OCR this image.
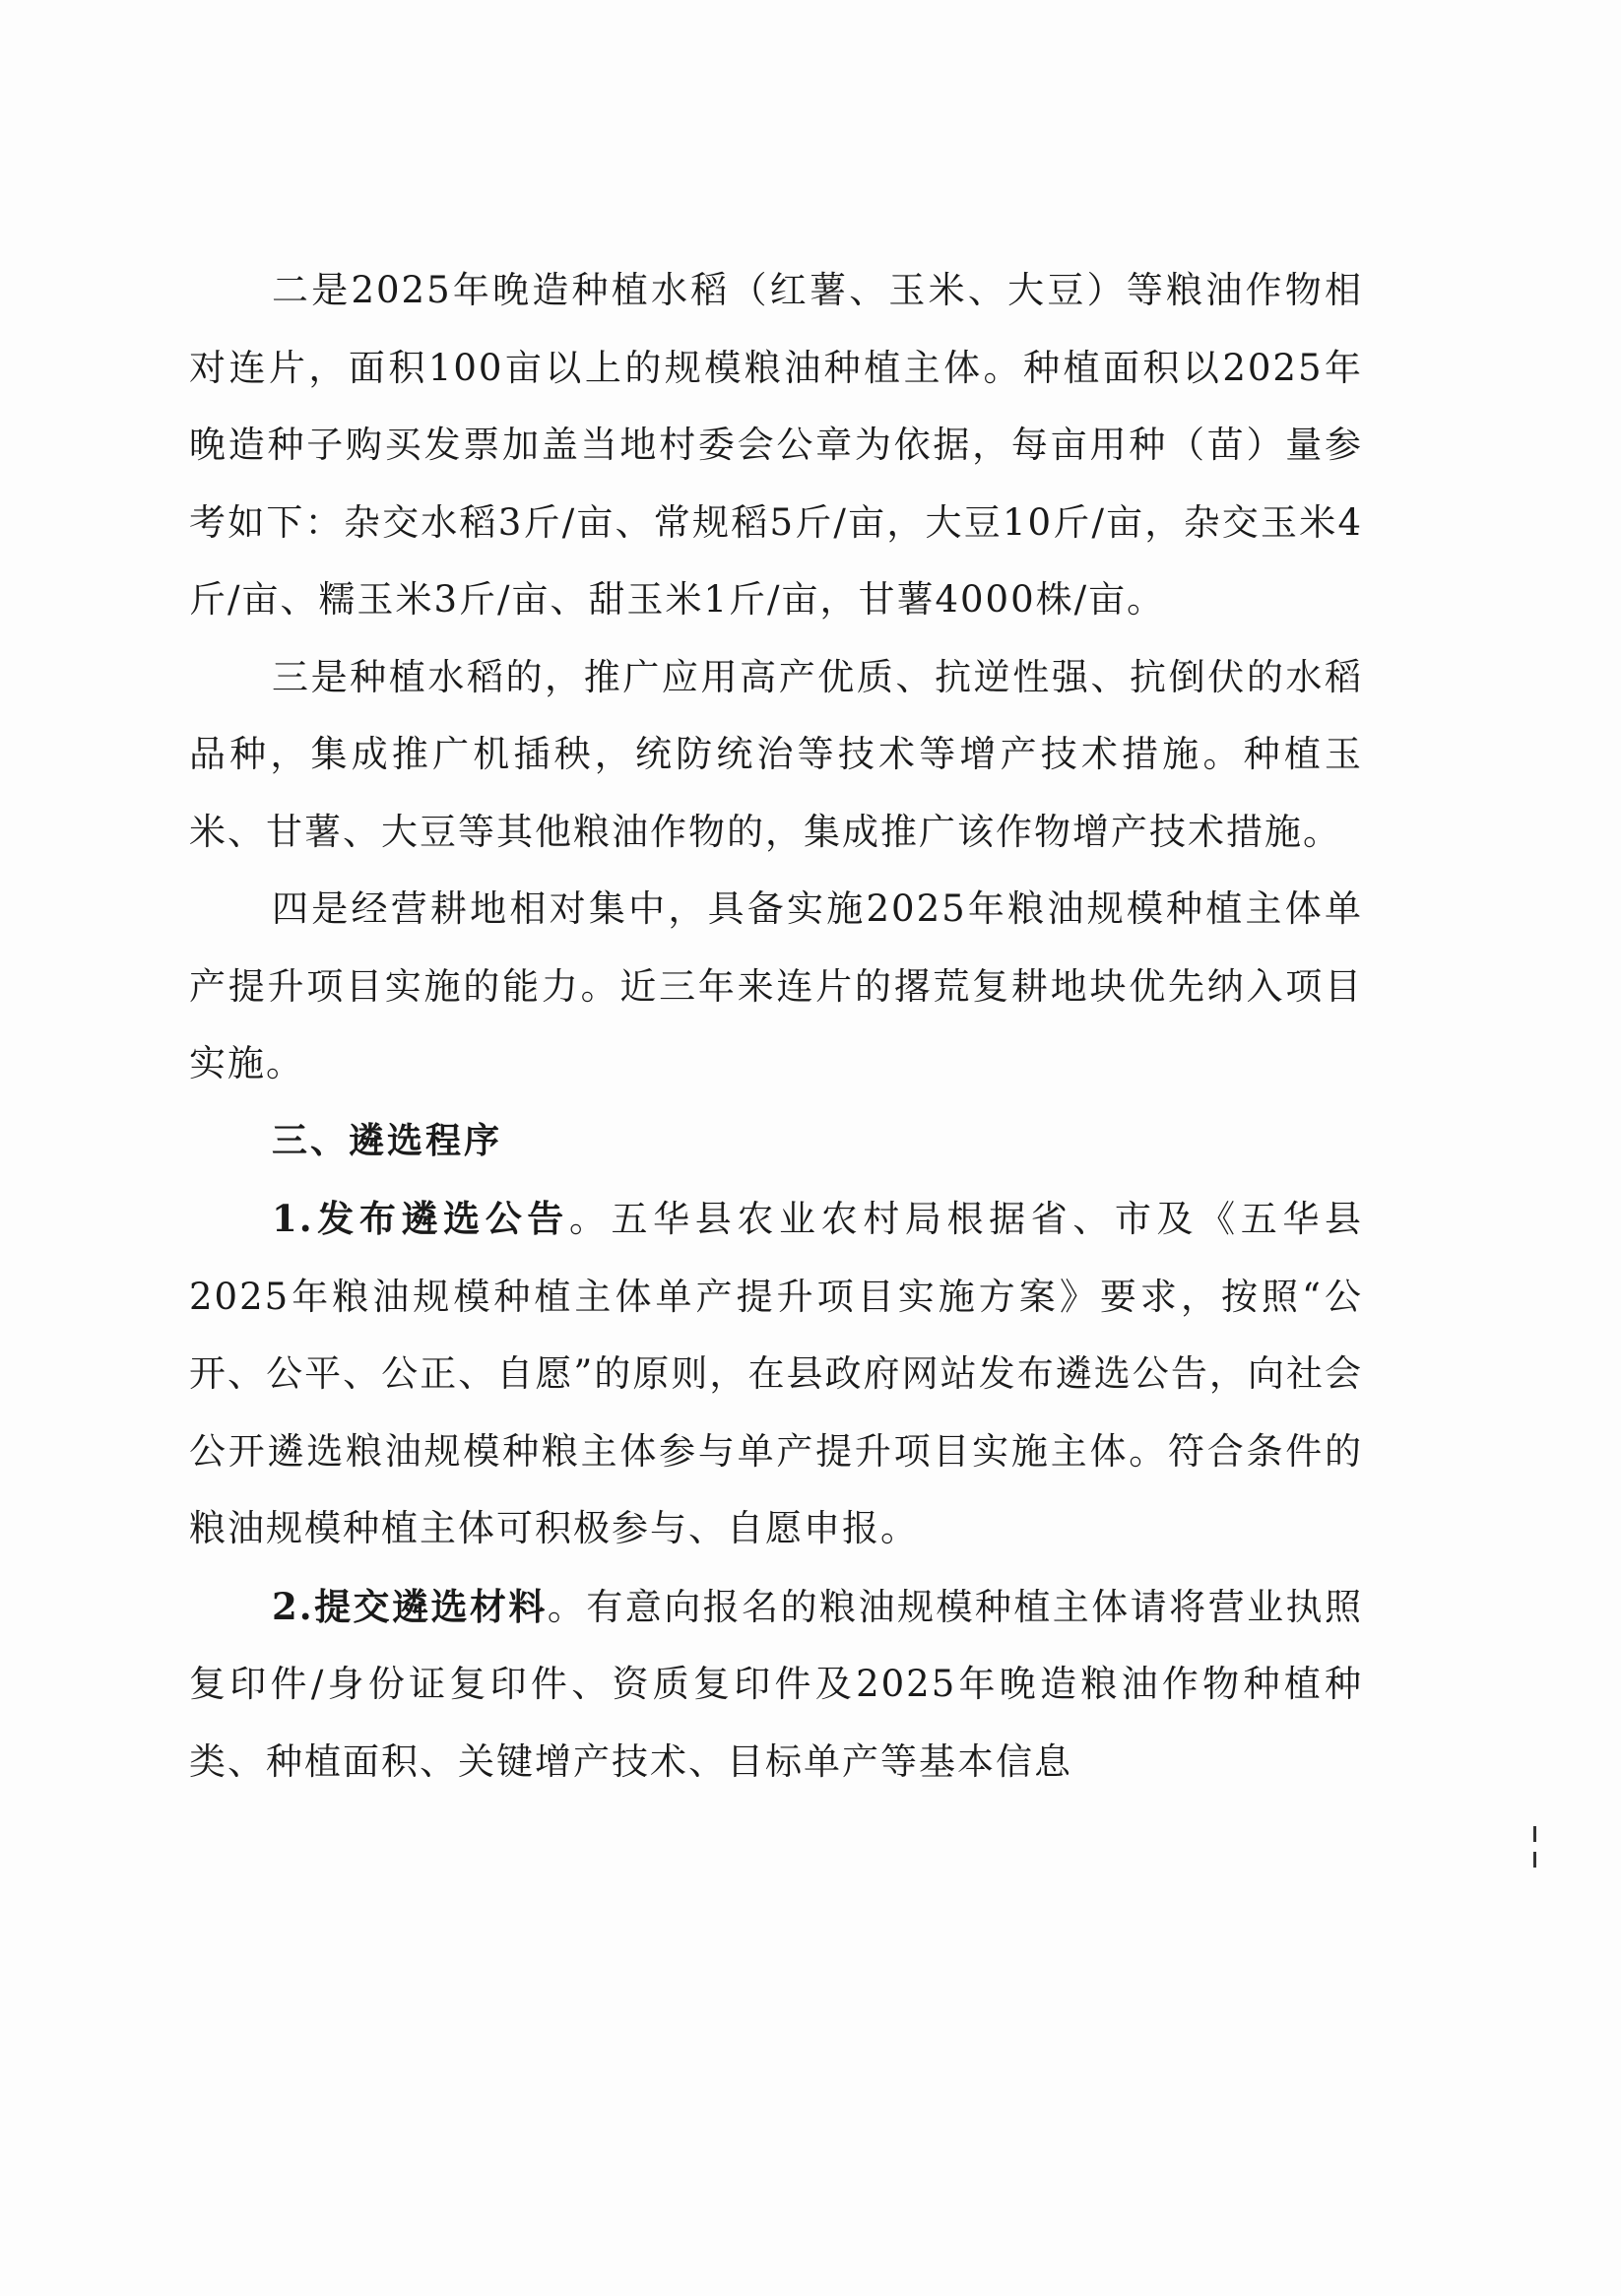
二是2025年晚造种植水稻（红薯、玉米、大豆）等粮油作物相对连片，面积100亩以上的规模粮油种植主体。种植面积以2025年晚造种子购买发票加盖当地村委会公章为依据，每亩用种（苗）量参考如下：杂交水稻3斤/亩、常规稻5斤/亩，大豆10斤/亩，杂交玉米4斤/亩、糯玉米3斤/亩、甜玉米1斤/亩，甘薯4000株/亩。

三是种植水稻的，推广应用高产优质、抗逆性强、抗倒伏的水稻品种，集成推广机插秧，统防统治等技术等增产技术措施。种植玉米、甘薯、大豆等其他粮油作物的，集成推广该作物增产技术措施。

四是经营耕地相对集中，具备实施2025年粮油规模种植主体单产提升项目实施的能力。近三年来连片的撂荒复耕地块优先纳入项目实施。

三、遴选程序

1.发布遴选公告。五华县农业农村局根据省、市及《五华县2025年粮油规模种植主体单产提升项目实施方案》要求，按照“公开、公平、公正、自愿”的原则，在县政府网站发布遴选公告，向社会公开遴选粮油规模种粮主体参与单产提升项目实施主体。符合条件的粮油规模种植主体可积极参与、自愿申报。

2.提交遴选材料。有意向报名的粮油规模种植主体请将营业执照复印件/身份证复印件、资质复印件及2025年晚造粮油作物种植种类、种植面积、关键增产技术、目标单产等基本信息
